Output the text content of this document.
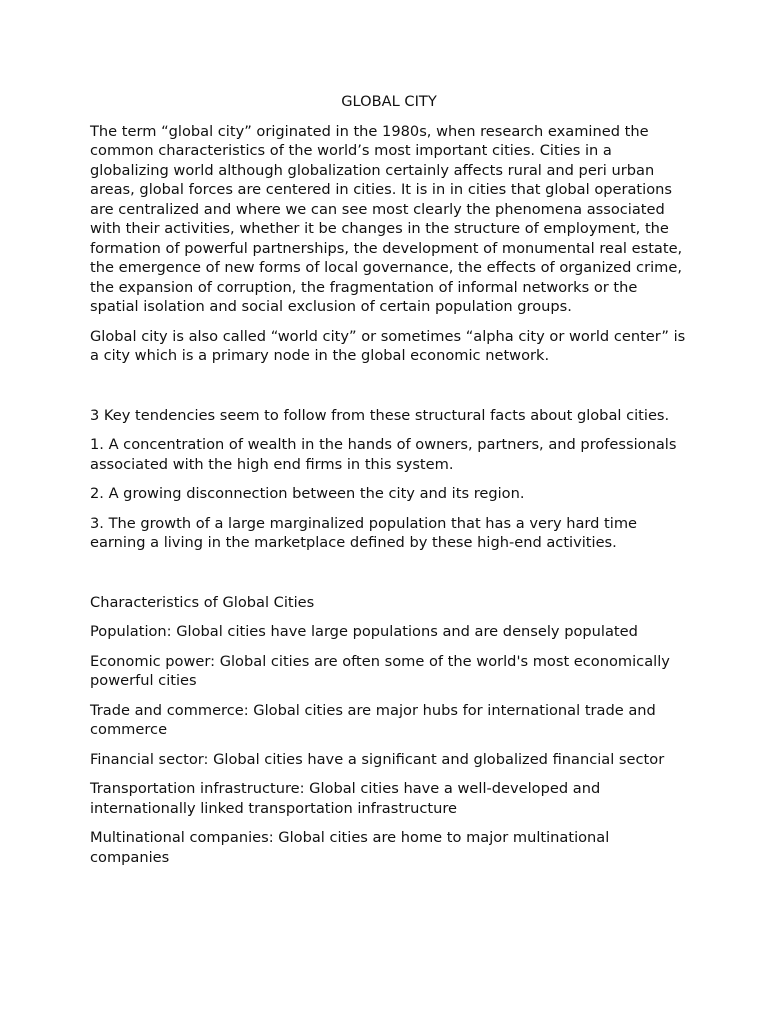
GLOBAL CITY

The term “global city” originated in the 1980s, when research examined the common characteristics of the world’s most important cities. Cities in a globalizing world although globalization certainly affects rural and peri urban areas, global forces are centered in cities. It is in in cities that global operations are centralized and where we can see most clearly the phenomena associated with their activities, whether it be changes in the structure of employment, the formation of powerful partnerships, the development of monumental real estate, the emergence of new forms of local governance, the effects of organized crime, the expansion of corruption, the fragmentation of informal networks or the spatial isolation and social exclusion of certain population groups.

Global city is also called “world city” or sometimes “alpha city or world center” is a city which is a primary node in the global economic network.

3 Key tendencies seem to follow from these structural facts about global cities.

1. A concentration of wealth in the hands of owners, partners, and professionals associated with the high end firms in this system.

2. A growing disconnection between the city and its region.

3. The growth of a large marginalized population that has a very hard time earning a living in the marketplace defined by these high-end activities.

Characteristics of Global Cities

Population: Global cities have large populations and are densely populated

Economic power: Global cities are often some of the world's most economically powerful cities

Trade and commerce: Global cities are major hubs for international trade and commerce

Financial sector: Global cities have a significant and globalized financial sector

Transportation infrastructure: Global cities have a well-developed and internationally linked transportation infrastructure

Multinational companies: Global cities are home to major multinational companies
